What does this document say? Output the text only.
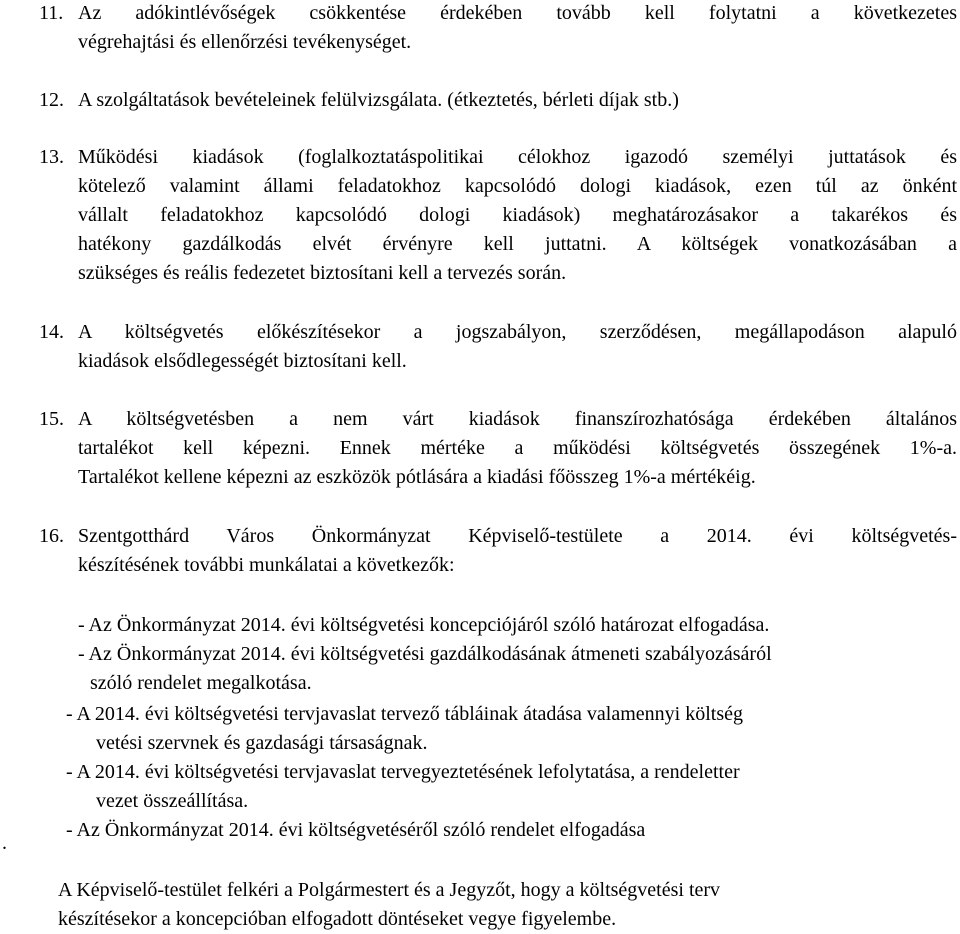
11. Az adókintlévőségek csökkentése érdekében tovább kell folytatni a következetes
végrehajtási és ellenőrzési tevékenységet.
12. A szolgáltatások bevételeinek felülvizsgálata. (étkeztetés, bérleti díjak stb.)
13. Működési kiadások (foglalkoztatáspolitikai célokhoz igazodó személyi juttatások és
kötelező valamint állami feladatokhoz kapcsolódó dologi kiadások, ezen túl az önként
vállalt feladatokhoz kapcsolódó dologi kiadások) meghatározásakor a takarékos és
hatékony gazdálkodás elvét érvényre kell juttatni. A költségek vonatkozásában a
szükséges és reális fedezetet biztosítani kell a tervezés során.
14. A költségvetés előkészítésekor a jogszabályon, szerződésen, megállapodáson alapuló
kiadások elsődlegességét biztosítani kell.
15. A költségvetésben a nem várt kiadások finanszírozhatósága érdekében általános
tartalékot kell képezni. Ennek mértéke a működési költségvetés összegének 1%-a.
Tartalékot kellene képezni az eszközök pótlására a kiadási főösszeg 1%-a mértékéig.
16. Szentgotthárd Város Önkormányzat Képviselő-testülete a 2014. évi költségvetés-
készítésének további munkálatai a következők:
- Az Önkormányzat 2014. évi költségvetési koncepciójáról szóló határozat elfogadása.
- Az Önkormányzat 2014. évi költségvetési gazdálkodásának átmeneti szabályozásáról
szóló rendelet megalkotása.
- A 2014. évi költségvetési tervjavaslat tervező tábláinak átadása valamennyi költség
vetési szervnek és gazdasági társaságnak.
- A 2014. évi költségvetési tervjavaslat tervegyeztetésének lefolytatása, a rendeletter
vezet összeállítása.
- Az Önkormányzat 2014. évi költségvetéséről szóló rendelet elfogadása
.
A Képviselő-testület felkéri a Polgármestert és a Jegyzőt, hogy a költségvetési terv
készítésekor a koncepcióban elfogadott döntéseket vegye figyelembe.
